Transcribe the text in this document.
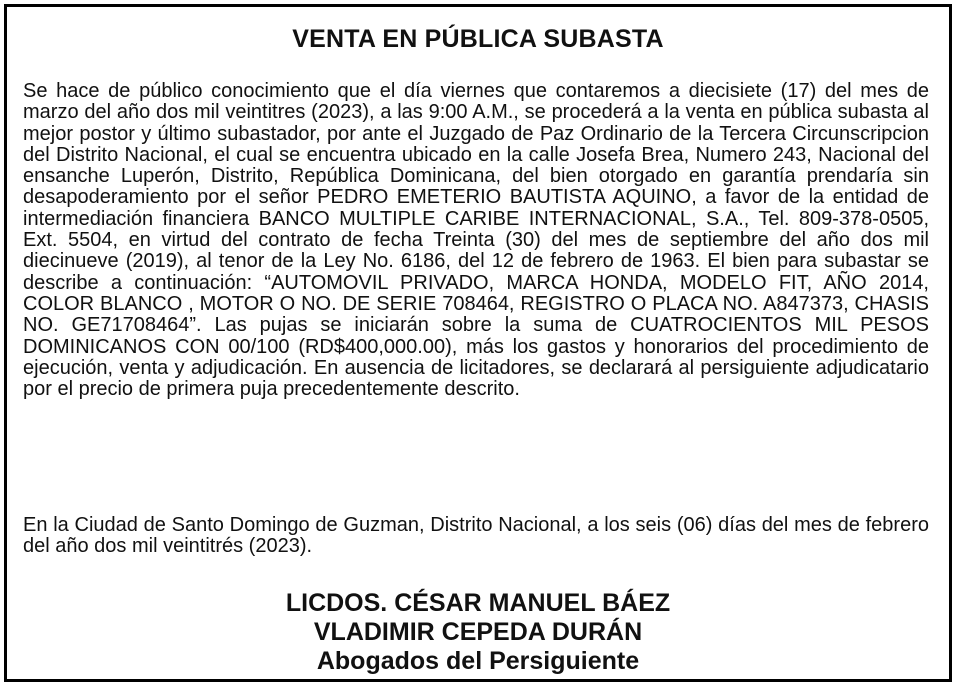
VENTA EN PÚBLICA SUBASTA
Se hace de público conocimiento que el día viernes que contaremos a diecisiete (17) del mes de marzo del año dos mil veintitres (2023), a las 9:00 A.M., se procederá a la venta en pública subasta al mejor postor y último subastador, por ante el Juzgado de Paz Ordinario de la Tercera Circunscripcion del Distrito Nacional, el cual se encuentra ubicado en la calle Josefa Brea, Numero 243, Nacional del ensanche Luperón, Distrito, República Dominicana, del bien otorgado en garantía prendaría sin desapoderamiento por el señor PEDRO EMETERIO BAUTISTA AQUINO, a favor de la entidad de intermediación financiera BANCO MULTIPLE CARIBE INTERNACIONAL, S.A., Tel. 809-378-0505, Ext. 5504, en virtud del contrato de fecha Treinta (30) del mes de septiembre del año dos mil diecinueve (2019), al tenor de la Ley No. 6186, del 12 de febrero de 1963. El bien para subastar se describe a continuación: “AUTOMOVIL PRIVADO, MARCA HONDA, MODELO FIT, AÑO 2014, COLOR BLANCO , MOTOR O NO. DE SERIE 708464, REGISTRO O PLACA NO. A847373, CHASIS NO. GE71708464”. Las pujas se iniciarán sobre la suma de CUATROCIENTOS MIL PESOS DOMINICANOS CON 00/100 (RD$400,000.00), más los gastos y honorarios del procedimiento de ejecución, venta y adjudicación. En ausencia de licitadores, se declarará al persiguiente adjudicatario por el precio de primera puja precedentemente descrito.
En la Ciudad de Santo Domingo de Guzman, Distrito Nacional, a los seis (06) días del mes de febrero del año dos mil veintitrés (2023).
LICDOS. CÉSAR MANUEL BÁEZ
VLADIMIR CEPEDA DURÁN
Abogados del Persiguiente
